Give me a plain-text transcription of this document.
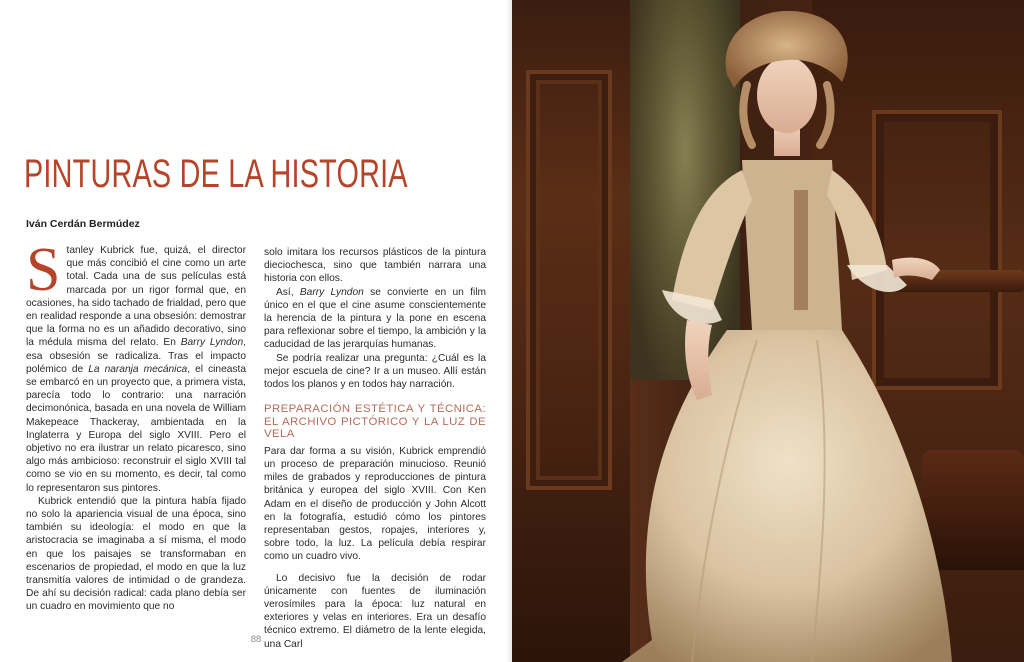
PINTURAS DE LA HISTORIA
Iván Cerdán Bermúdez

Stanley Kubrick fue, quizá, el director que más concibió el cine como un arte total. Cada una de sus películas está marcada por un rigor formal que, en ocasiones, ha sido tachado de frialdad, pero que en realidad responde a una obsesión: demostrar que la forma no es un añadido decorativo, sino la médula misma del relato. En Barry Lyndon, esa obsesión se radicaliza. Tras el impacto polémico de La naranja mecánica, el cineasta se embarcó en un proyecto que, a primera vista, parecía todo lo contrario: una narración decimonónica, basada en una novela de William Makepeace Thackeray, ambientada en la Inglaterra y Europa del siglo XVIII. Pero el objetivo no era ilustrar un relato picaresco, sino algo más ambicioso: reconstruir el siglo XVIII tal como se vio en su momento, es decir, tal como lo representaron sus pintores.

Kubrick entendió que la pintura había fijado no solo la apariencia visual de una época, sino también su ideología: el modo en que la aristocracia se imaginaba a sí misma, el modo en que los paisajes se transformaban en escenarios de propiedad, el modo en que la luz transmitía valores de intimidad o de grandeza. De ahí su decisión radical: cada plano debía ser un cuadro en movimiento que no

solo imitara los recursos plásticos de la pintura dieciochesca, sino que también narrara una historia con ellos.

Así, Barry Lyndon se convierte en un film único en el que el cine asume conscientemente la herencia de la pintura y la pone en escena para reflexionar sobre el tiempo, la ambición y la caducidad de las jerarquías humanas.

Se podría realizar una pregunta: ¿Cuál es la mejor escuela de cine? Ir a un museo. Allí están todos los planos y en todos hay narración.

PREPARACIÓN ESTÉTICA Y TÉCNICA: EL ARCHIVO PICTÓRICO Y LA LUZ DE VELA

Para dar forma a su visión, Kubrick emprendió un proceso de preparación minucioso. Reunió miles de grabados y reproducciones de pintura británica y europea del siglo XVIII. Con Ken Adam en el diseño de producción y John Alcott en la fotografía, estudió cómo los pintores representaban gestos, ropajes, interiores y, sobre todo, la luz. La película debía respirar como un cuadro vivo.

Lo decisivo fue la decisión de rodar únicamente con fuentes de iluminación verosímiles para la época: luz natural en exteriores y velas en interiores. Era un desafío técnico extremo. El diámetro de la lente elegida, una Carl

88
